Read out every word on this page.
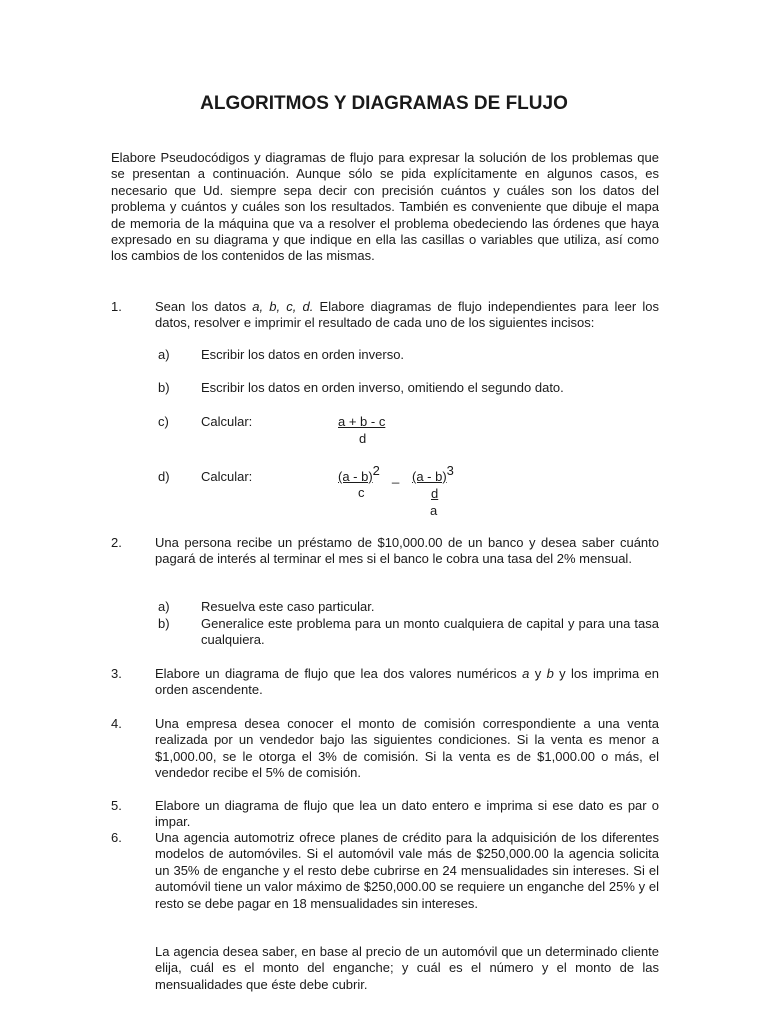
ALGORITMOS Y DIAGRAMAS DE FLUJO
Elabore Pseudocódigos y diagramas de flujo para expresar la solución de los problemas que se presentan a continuación. Aunque sólo se pida explícitamente en algunos casos, es necesario que Ud. siempre sepa decir con precisión cuántos y cuáles son los datos del problema y cuántos y cuáles son los resultados. También es conveniente que dibuje el mapa de memoria de la máquina que va a resolver el problema obedeciendo las órdenes que haya expresado en su diagrama y que indique en ella las casillas o variables que utiliza, así como los cambios de los contenidos de las mismas.
1.	Sean los datos a, b, c, d. Elabore diagramas de flujo independientes para leer los datos, resolver e imprimir el resultado de cada uno de los siguientes incisos:
a) Escribir los datos en orden inverso.
b) Escribir los datos en orden inverso, omitiendo el segundo dato.
c) Calcular:	a + b - c
d
d) Calcular:	(a - b)$^2$
c
_ (a - b)$^3$
d
a
2.	Una persona recibe un préstamo de $10,000.00 de un banco y desea saber cuánto pagará de interés al terminar el mes si el banco le cobra una tasa del 2% mensual.
a) Resuelva este caso particular.
b) Generalice este problema para un monto cualquiera de capital y para una tasa cualquiera.
3.	Elabore un diagrama de flujo que lea dos valores numéricos a y b y los imprima en orden ascendente.
4.	Una empresa desea conocer el monto de comisión correspondiente a una venta realizada por un vendedor bajo las siguientes condiciones. Si la venta es menor a $1,000.00, se le otorga el 3% de comisión. Si la venta es de $1,000.00 o más, el vendedor recibe el 5% de comisión.
5.	Elabore un diagrama de flujo que lea un dato entero e imprima si ese dato es par o impar.
6.	Una agencia automotriz ofrece planes de crédito para la adquisición de los diferentes modelos de automóviles. Si el automóvil vale más de $250,000.00 la agencia solicita un 35% de enganche y el resto debe cubrirse en 24 mensualidades sin intereses. Si el automóvil tiene un valor máximo de $250,000.00 se requiere un enganche del 25% y el resto se debe pagar en 18 mensualidades sin intereses.
La agencia desea saber, en base al precio de un automóvil que un determinado cliente elija, cuál es el monto del enganche; y cuál es el número y el monto de las mensualidades que éste debe cubrir.
